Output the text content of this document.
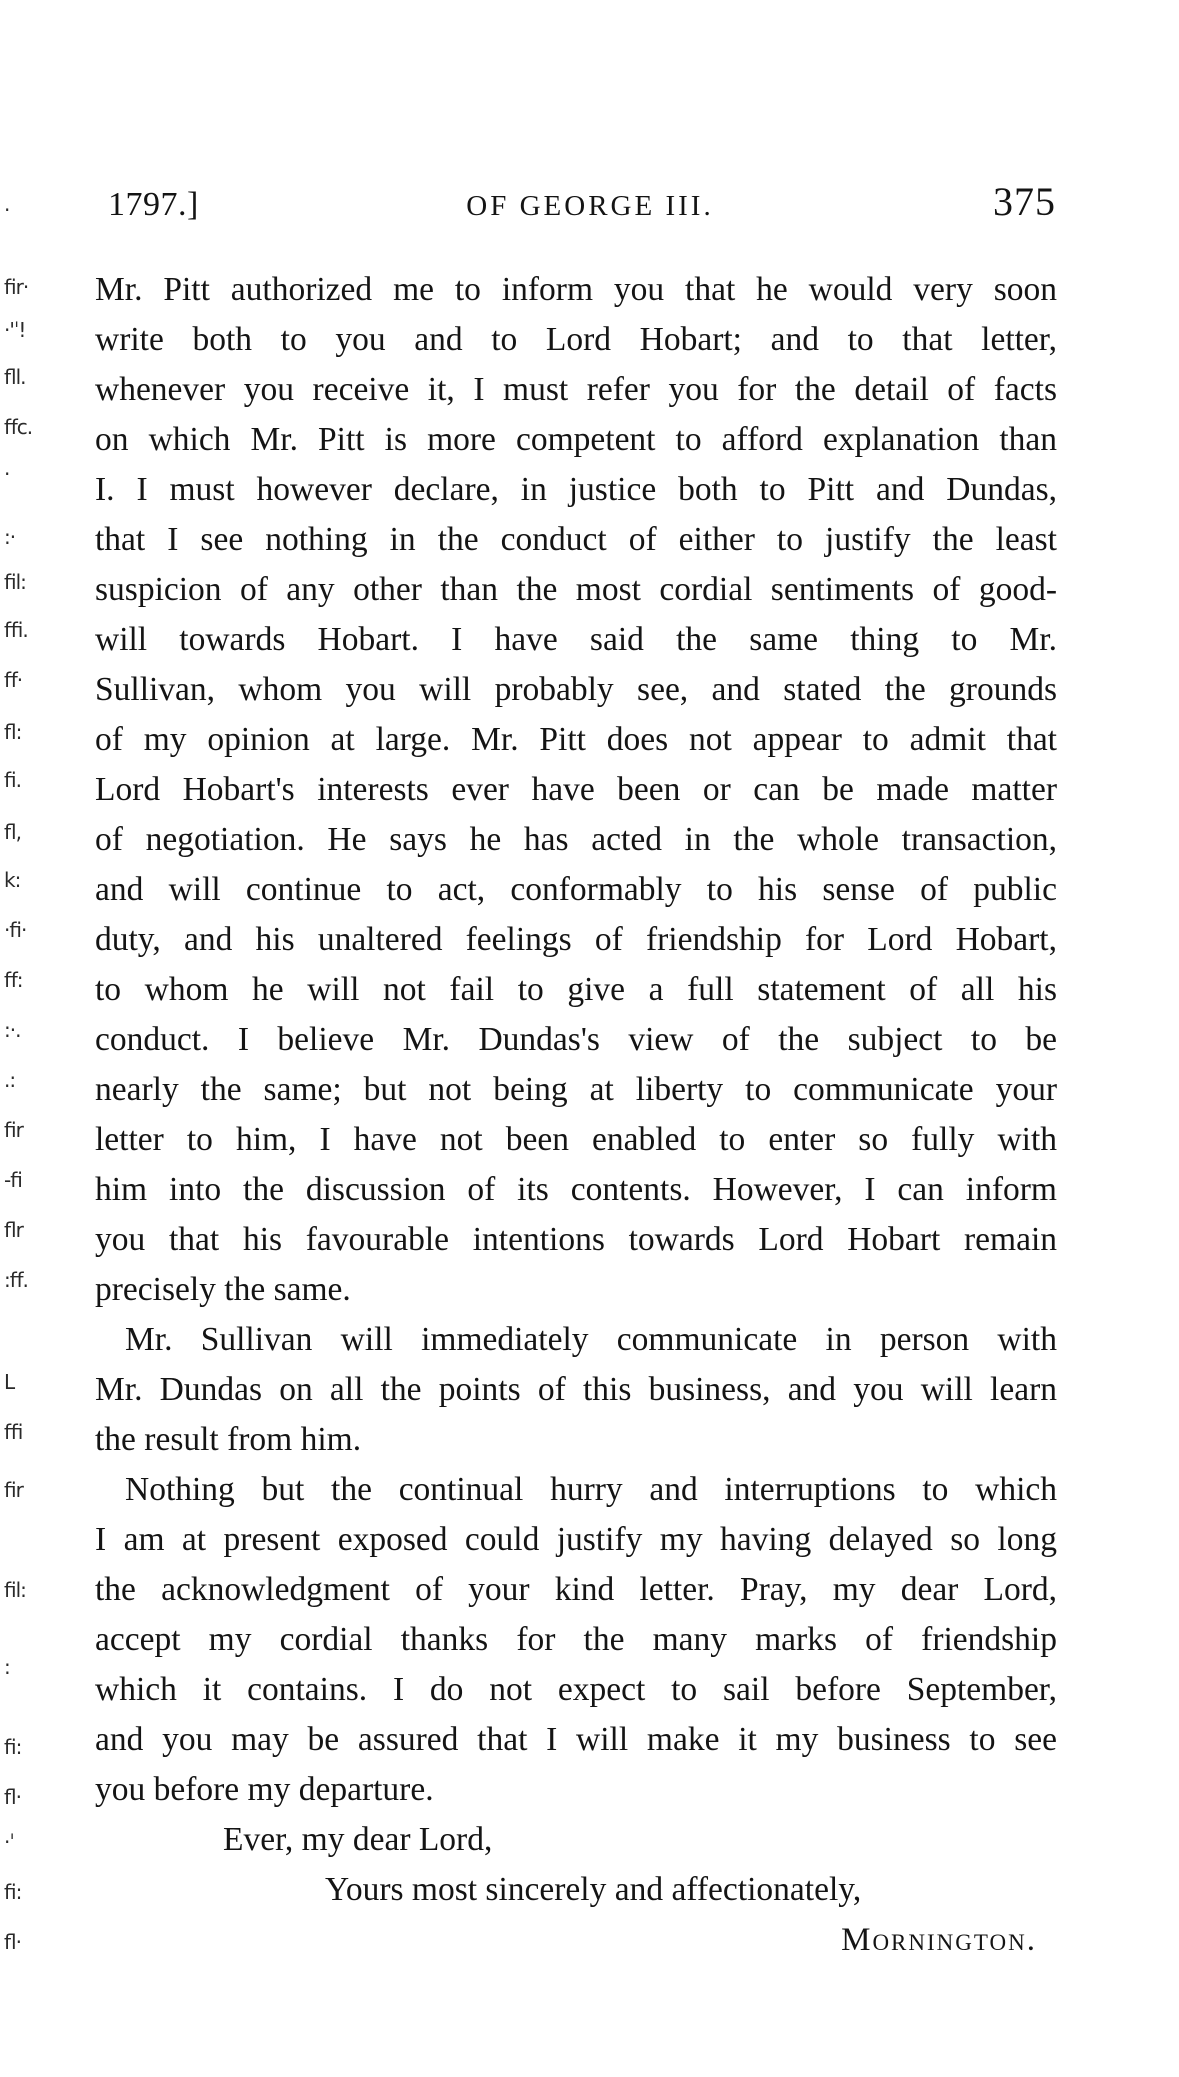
·
ﬁr·
·'ˈ!
ﬂl.
ﬀc.
·
:·
ﬁl:
ﬃ.
ﬀ·
ﬂ:
ﬁ.
ﬂ,
k:
·ﬁ·
ﬀ:
:·.
.:
ﬁr
-ﬁ
ﬂr
:ﬀ.
L
ﬃ
ﬁr
ﬁl:
:
ﬁ:
ﬂ·
·ˈ
ﬁ:
ﬂ·
1797.]	OF GEORGE III.	375
Mr. Pitt authorized me to inform you that he would very soon
write both to you and to Lord Hobart; and to that letter,
whenever you receive it, I must refer you for the detail of facts
on which Mr. Pitt is more competent to afford explanation than
I. I must however declare, in justice both to Pitt and Dundas,
that I see nothing in the conduct of either to justify the least
suspicion of any other than the most cordial sentiments of good-
will towards Hobart. I have said the same thing to Mr.
Sullivan, whom you will probably see, and stated the grounds
of my opinion at large. Mr. Pitt does not appear to admit that
Lord Hobart's interests ever have been or can be made matter
of negotiation. He says he has acted in the whole transaction,
and will continue to act, conformably to his sense of public
duty, and his unaltered feelings of friendship for Lord Hobart,
to whom he will not fail to give a full statement of all his
conduct. I believe Mr. Dundas's view of the subject to be
nearly the same; but not being at liberty to communicate your
letter to him, I have not been enabled to enter so fully with
him into the discussion of its contents. However, I can inform
you that his favourable intentions towards Lord Hobart remain
precisely the same.
Mr. Sullivan will immediately communicate in person with
Mr. Dundas on all the points of this business, and you will learn
the result from him.
Nothing but the continual hurry and interruptions to which
I am at present exposed could justify my having delayed so long
the acknowledgment of your kind letter. Pray, my dear Lord,
accept my cordial thanks for the many marks of friendship
which it contains. I do not expect to sail before September,
and you may be assured that I will make it my business to see
you before my departure.
Ever, my dear Lord,
Yours most sincerely and affectionately,
Mornington.
